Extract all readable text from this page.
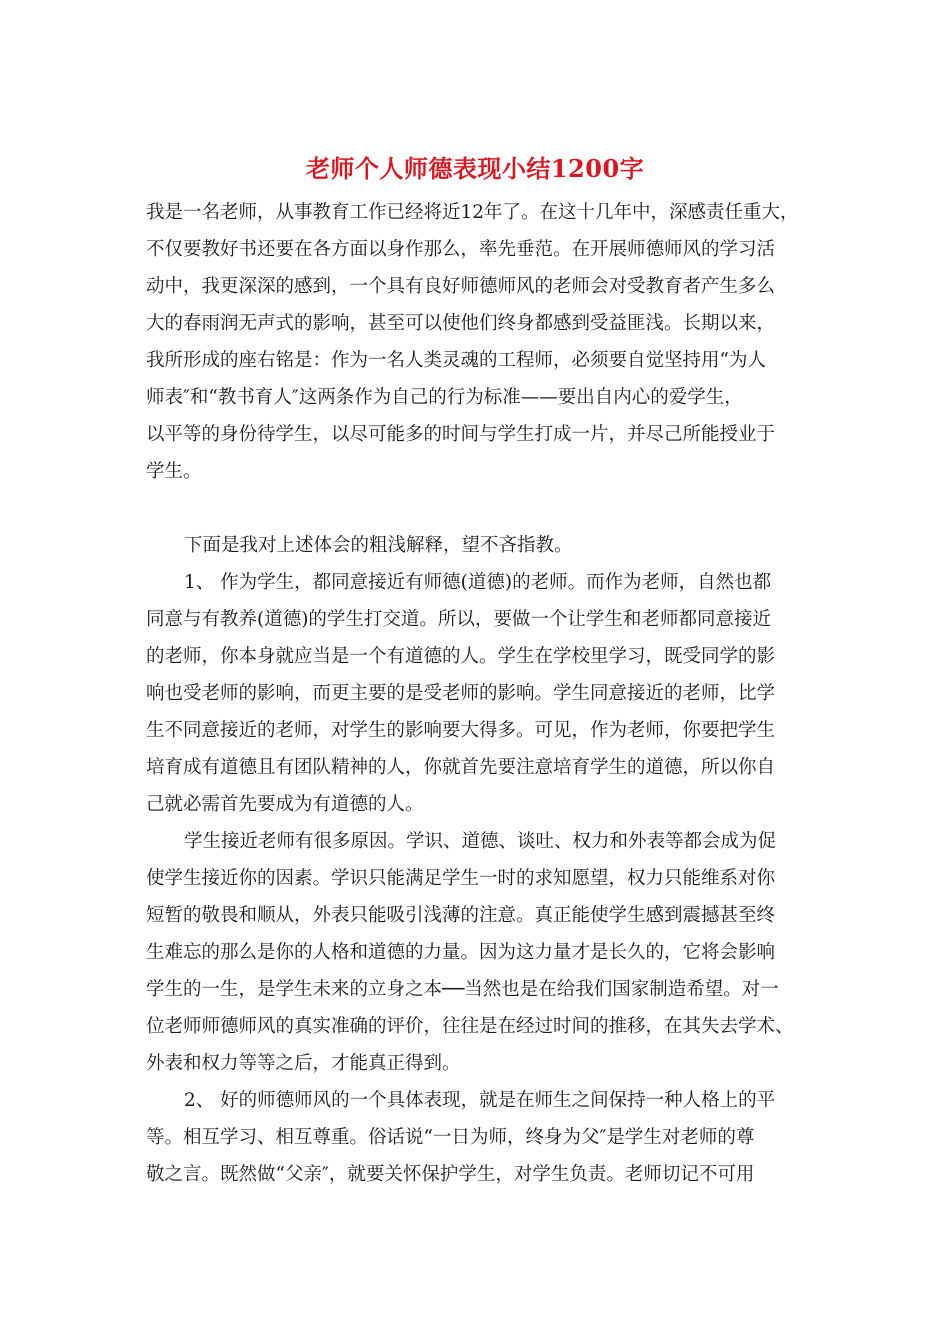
老师个人师德表现小结1200字
我是一名老师，从事教育工作已经将近12年了。在这十几年中，深感责任重大，
不仅要教好书还要在各方面以身作那么，率先垂范。在开展师德师风的学习活
动中，我更深深的感到，一个具有良好师德师风的老师会对受教育者产生多么
大的春雨润无声式的影响，甚至可以使他们终身都感到受益匪浅。长期以来，
我所形成的座右铭是：作为一名人类灵魂的工程师，必须要自觉坚持用“为人
师表″和“教书育人″这两条作为自己的行为标准——要出自内心的爱学生，
以平等的身份待学生，以尽可能多的时间与学生打成一片，并尽己所能授业于
学生。
下面是我对上述体会的粗浅解释，望不吝指教。
1、 作为学生，都同意接近有师德(道德)的老师。而作为老师，自然也都
同意与有教养(道德)的学生打交道。所以，要做一个让学生和老师都同意接近
的老师，你本身就应当是一个有道德的人。学生在学校里学习，既受同学的影
响也受老师的影响，而更主要的是受老师的影响。学生同意接近的老师，比学
生不同意接近的老师，对学生的影响要大得多。可见，作为老师，你要把学生
培育成有道德且有团队精神的人，你就首先要注意培育学生的道德，所以你自
己就必需首先要成为有道德的人。
学生接近老师有很多原因。学识、道德、谈吐、权力和外表等都会成为促
使学生接近你的因素。学识只能满足学生一时的求知愿望，权力只能维系对你
短暂的敬畏和顺从，外表只能吸引浅薄的注意。真正能使学生感到震撼甚至终
生难忘的那么是你的人格和道德的力量。因为这力量才是长久的，它将会影响
学生的一生，是学生未来的立身之本──当然也是在给我们国家制造希望。对一
位老师师德师风的真实准确的评价，往往是在经过时间的推移，在其失去学术、
外表和权力等等之后，才能真正得到。
2、 好的师德师风的一个具体表现，就是在师生之间保持一种人格上的平
等。相互学习、相互尊重。俗话说“一日为师，终身为父″是学生对老师的尊
敬之言。既然做“父亲″，就要关怀保护学生，对学生负责。老师切记不可用
